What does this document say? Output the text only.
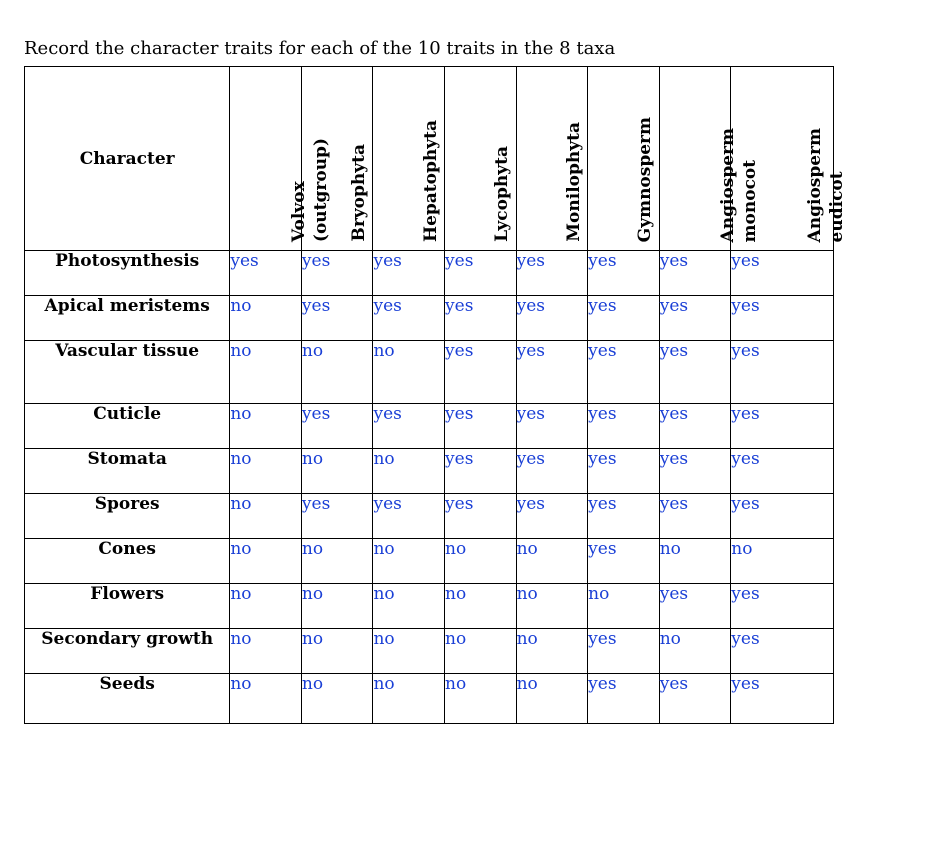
Record the character traits for each of the 10 traits in the 8 taxa
Character	Volvox (outgroup)	Bryophyta	Hepatophyta	Lycophyta	Monilophyta	Gymnosperm	Angiosperm monocot	Angiosperm eudicot

Photosynthesis	yes	yes	yes	yes	yes	yes	yes	yes
Apical meristems	no	yes	yes	yes	yes	yes	yes	yes
Vascular tissue	no	no	no	yes	yes	yes	yes	yes
Cuticle	no	yes	yes	yes	yes	yes	yes	yes
Stomata	no	no	no	yes	yes	yes	yes	yes
Spores	no	yes	yes	yes	yes	yes	yes	yes
Cones	no	no	no	no	no	yes	no	no
Flowers	no	no	no	no	no	no	yes	yes
Secondary growth	no	no	no	no	no	yes	no	yes
Seeds	no	no	no	no	no	yes	yes	yes
